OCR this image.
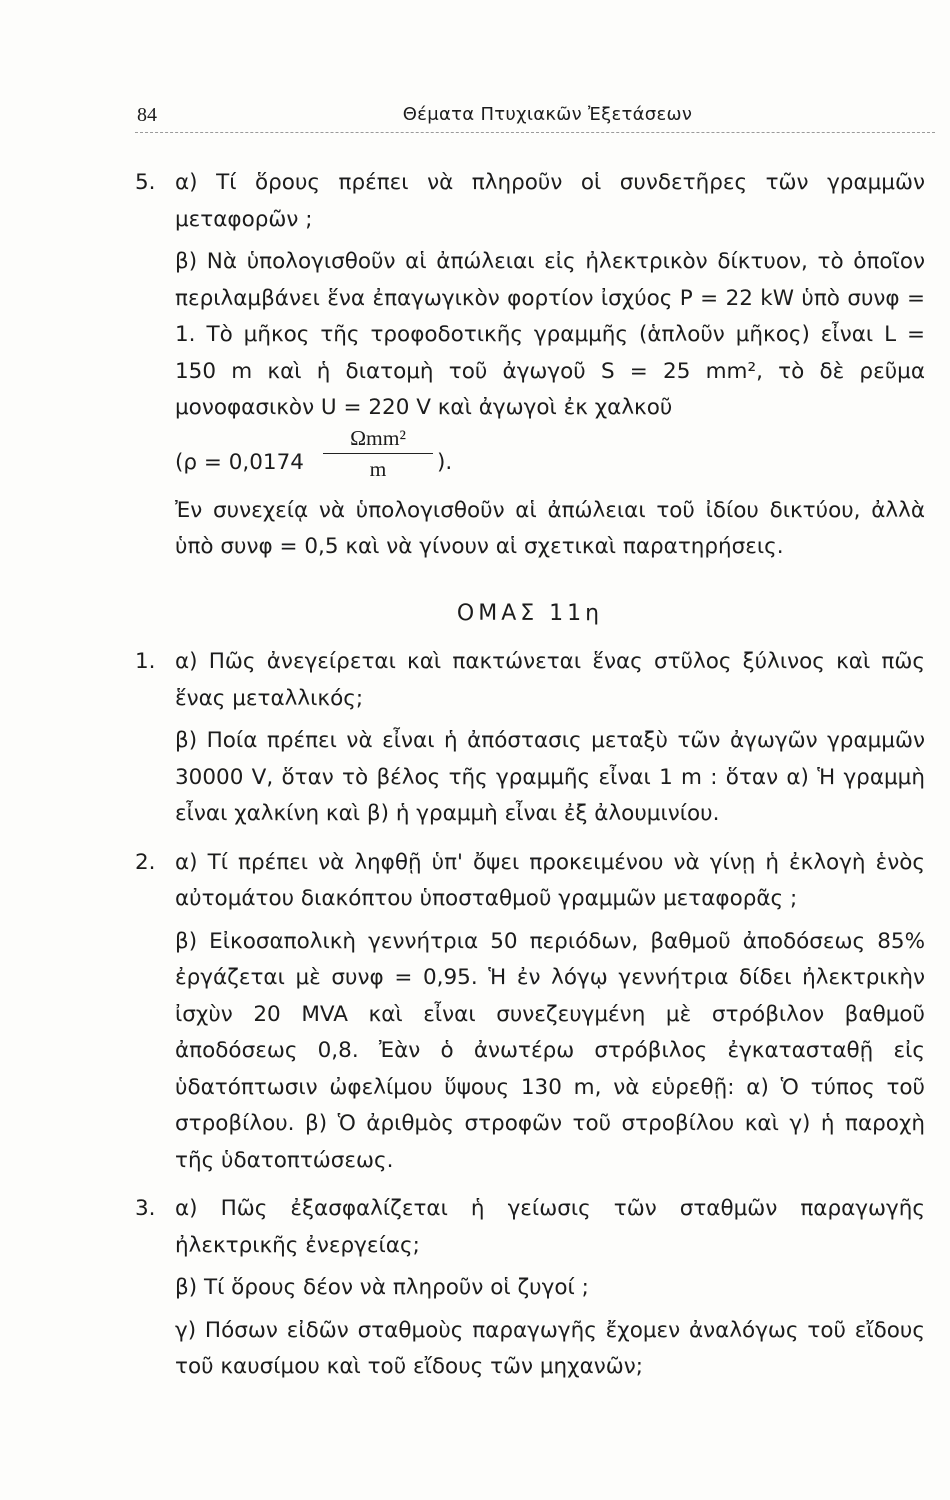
84	Θέματα Πτυχιακῶν Ἐξετάσεων
5. α) Τί ὅρους πρέπει νὰ πληροῦν οἱ συνδετῆρες τῶν γραμμῶν μεταφορῶν ;
β) Νὰ ὑπολογισθοῦν αἱ ἀπώλειαι εἰς ἠλεκτρικὸν δίκτυον, τὸ ὁποῖον περιλαμβάνει ἕνα ἐπαγωγικὸν φορτίον ἰσχύος P = 22 kW ὑπὸ συνφ = 1. Τὸ μῆκος τῆς τροφοδοτικῆς γραμμῆς (ἁπλοῦν μῆκος) εἶναι L = 150 m καὶ ἡ διατομὴ τοῦ ἀγωγοῦ S = 25 mm², τὸ δὲ ρεῦμα μονοφασικὸν U = 220 V καὶ ἀγωγοὶ ἐκ χαλκοῦ
(ρ = 0,0174
Ωmm²
m	).
Ἐν συνεχείᾳ νὰ ὑπολογισθοῦν αἱ ἀπώλειαι τοῦ ἰδίου δικτύου, ἀλλὰ ὑπὸ συνφ = 0,5 καὶ νὰ γίνουν αἱ σχετικαὶ παρατηρήσεις.
ΟΜΑΣ 11η
1. α) Πῶς ἀνεγείρεται καὶ πακτώνεται ἕνας στῦλος ξύλινος καὶ πῶς ἕνας μεταλλικός;
β) Ποία πρέπει νὰ εἶναι ἡ ἀπόστασις μεταξὺ τῶν ἀγωγῶν γραμμῶν 30000 V, ὅταν τὸ βέλος τῆς γραμμῆς εἶναι 1 m : ὅταν α) Ἡ γραμμὴ εἶναι χαλκίνη καὶ β) ἡ γραμμὴ εἶναι ἐξ ἀλουμινίου.
2. α) Τί πρέπει νὰ ληφθῇ ὑπ' ὄψει προκειμένου νὰ γίνῃ ἡ ἐκλογὴ ἑνὸς αὐτομάτου διακόπτου ὑποσταθμοῦ γραμμῶν μεταφορᾶς ;
β) Εἰκοσαπολικὴ γεννήτρια 50 περιόδων, βαθμοῦ ἀποδόσεως 85% ἐργάζεται μὲ συνφ = 0,95. Ἡ ἐν λόγῳ γεννήτρια δίδει ἠλεκτρικὴν ἰσχὺν 20 MVA καὶ εἶναι συνεζευγμένη μὲ στρόβιλον βαθμοῦ ἀποδόσεως 0,8. Ἐὰν ὁ ἀνωτέρω στρόβιλος ἐγκατασταθῇ εἰς ὑδατόπτωσιν ὠφελίμου ὕψους 130 m, νὰ εὑρεθῇ: α) Ὁ τύπος τοῦ στροβίλου. β) Ὁ ἀριθμὸς στροφῶν τοῦ στροβίλου καὶ γ) ἡ παροχὴ τῆς ὑδατοπτώσεως.
3. α) Πῶς ἐξασφαλίζεται ἡ γείωσις τῶν σταθμῶν παραγωγῆς ἠλεκτρικῆς ἐνεργείας;
β) Τί ὅρους δέον νὰ πληροῦν οἱ ζυγοί ;
γ) Πόσων εἰδῶν σταθμοὺς παραγωγῆς ἔχομεν ἀναλόγως τοῦ εἴδους τοῦ καυσίμου καὶ τοῦ εἴδους τῶν μηχανῶν;
